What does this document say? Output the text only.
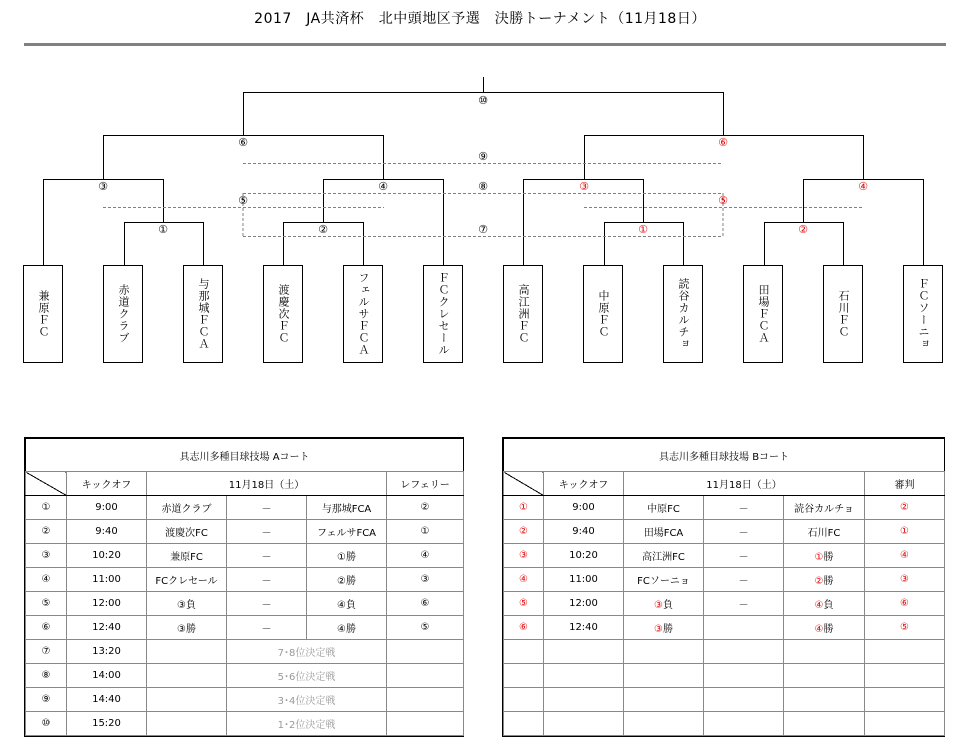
2017　JA共済杯　北中頭地区予選　決勝トーナメント（11月18日）
①	②
③	④
⑤
⑥
①	②
③	④
⑤
⑥
⑦
⑧
⑨
⑩
兼原ＦＣ	赤道クラブ	与那城ＦＣＡ	渡慶次ＦＣ	フェルサＦＣＡ	ＦＣクレセール	高江洲ＦＣ	中原ＦＣ	読谷カルチョ	田場ＦＣＡ	石川ＦＣ	ＦＣソーニョ
具志川多種目球技場 Aコート						
	キックオフ	11月18日（土）			レフェリー	
①	9:00	赤道クラブ	－	与那城FCA	②	
②	9:40	渡慶次FC	－	フェルサFCA	①	
③	10:20	兼原FC	－	①勝	④	
④	11:00	FCクレセール	－	②勝	③	
⑤	12:00	③負	－	④負	⑥	
⑥	12:40	③勝	－	④勝	⑤	
⑦	13:20		7･8位決定戦		
⑧	14:00		5･6位決定戦		
⑨	14:40		3･4位決定戦		
⑩	15:20		1･2位決定戦		
具志川多種目球技場 Bコート					
	キックオフ	11月18日（土）			審判
①	9:00	中原FC	－	読谷カルチョ	②
②	9:40	田場FCA	－	石川FC	①
③	10:20	高江洲FC	－	①勝	④
④	11:00	FCソーニョ	－	②勝	③
⑤	12:00	③負	－	④負	⑥
⑥	12:40	③勝		④勝	⑤
